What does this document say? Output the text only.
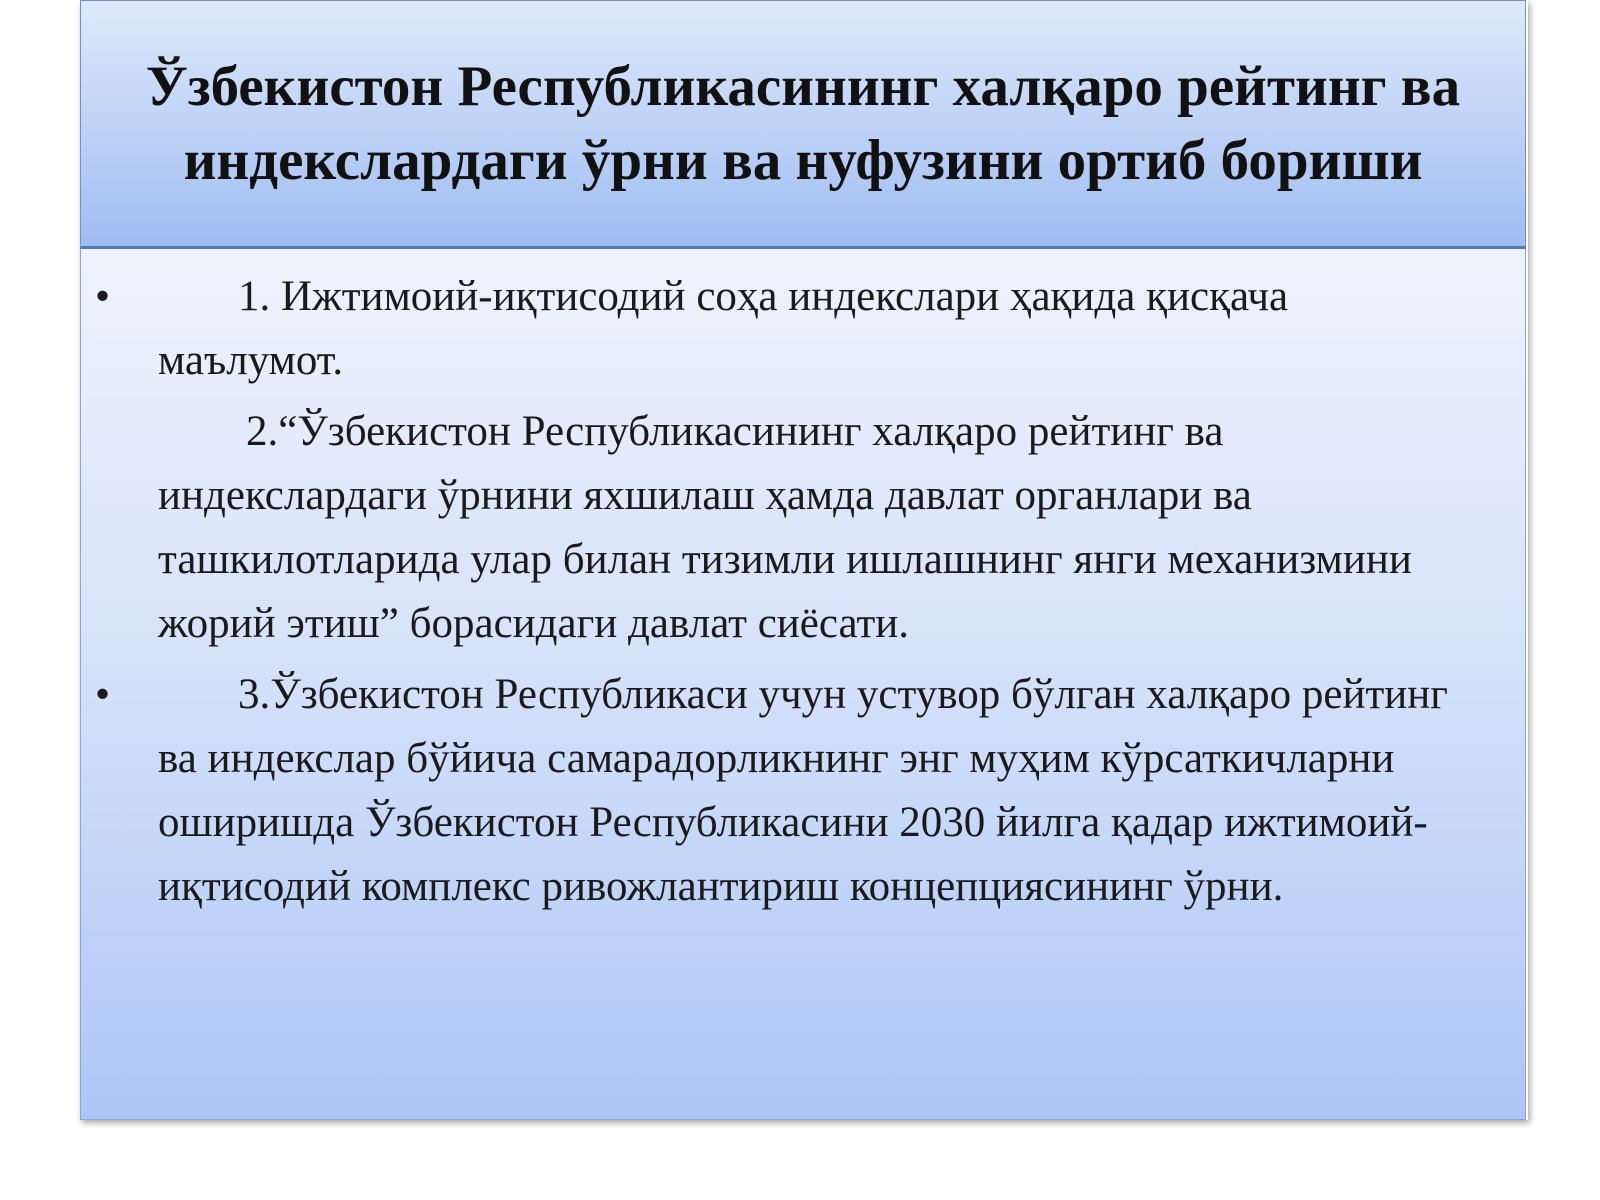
Ўзбекистон Республикасининг халқаро рейтинг ва индекслардаги ўрни ва нуфузини ортиб бориши
•	1. Ижтимоий-иқтисодий соҳа индекслари ҳақида қисқача маълумот.
2.“Ўзбекистон Республикасининг халқаро рейтинг ва индекслардаги ўрнини яхшилаш ҳамда давлат органлари ва ташкилотларида улар билан тизимли ишлашнинг янги механизмини жорий этиш” борасидаги давлат сиёсати.
•	3.Ўзбекистон Республикаси учун устувор бўлган халқаро рейтинг ва индекслар бўйича самарадорликнинг энг муҳим кўрсаткичларни оширишда Ўзбекистон Республикасини 2030 йилга қадар ижтимоий-иқтисодий комплекс ривожлантириш концепциясининг ўрни.
